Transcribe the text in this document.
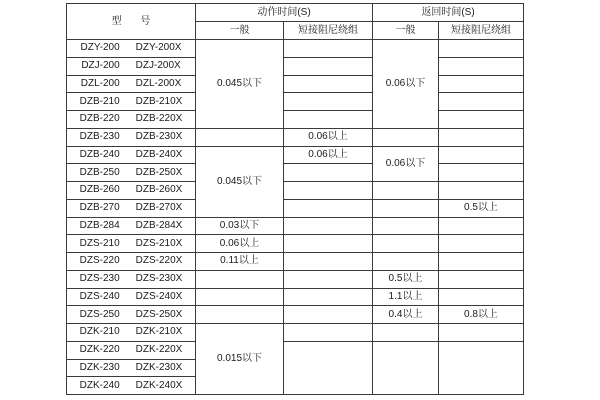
型 号	动作时间(S)		返回时间(S)	
	一般	短接阻尼绕组	一般	短接阻尼绕组

DZY-200 DZY-200X	0.045以下		0.06以下	

DZJ-200 DZJ-200X				

DZL-200 DZL-200X				

DZB-210 DZB-210X				

DZB-220 DZB-220X				

DZB-230 DZB-230X		0.06以上		

DZB-240 DZB-240X	0.045以下	0.06以上	0.06以下	

DZB-250 DZB-250X				

DZB-260 DZB-260X				

DZB-270 DZB-270X				0.5以上

DZB-284 DZB-284X	0.03以下			

DZS-210 DZS-210X	0.06以上			

DZS-220 DZS-220X	0.11以上			

DZS-230 DZS-230X			0.5以上	

DZS-240 DZS-240X			1.1以上	

DZS-250 DZS-250X			0.4以上	0.8以上

DZK-210 DZK-210X	0.015以下			

DZK-220 DZK-220X				

DZK-230 DZK-230X				

DZK-240 DZK-240X				
